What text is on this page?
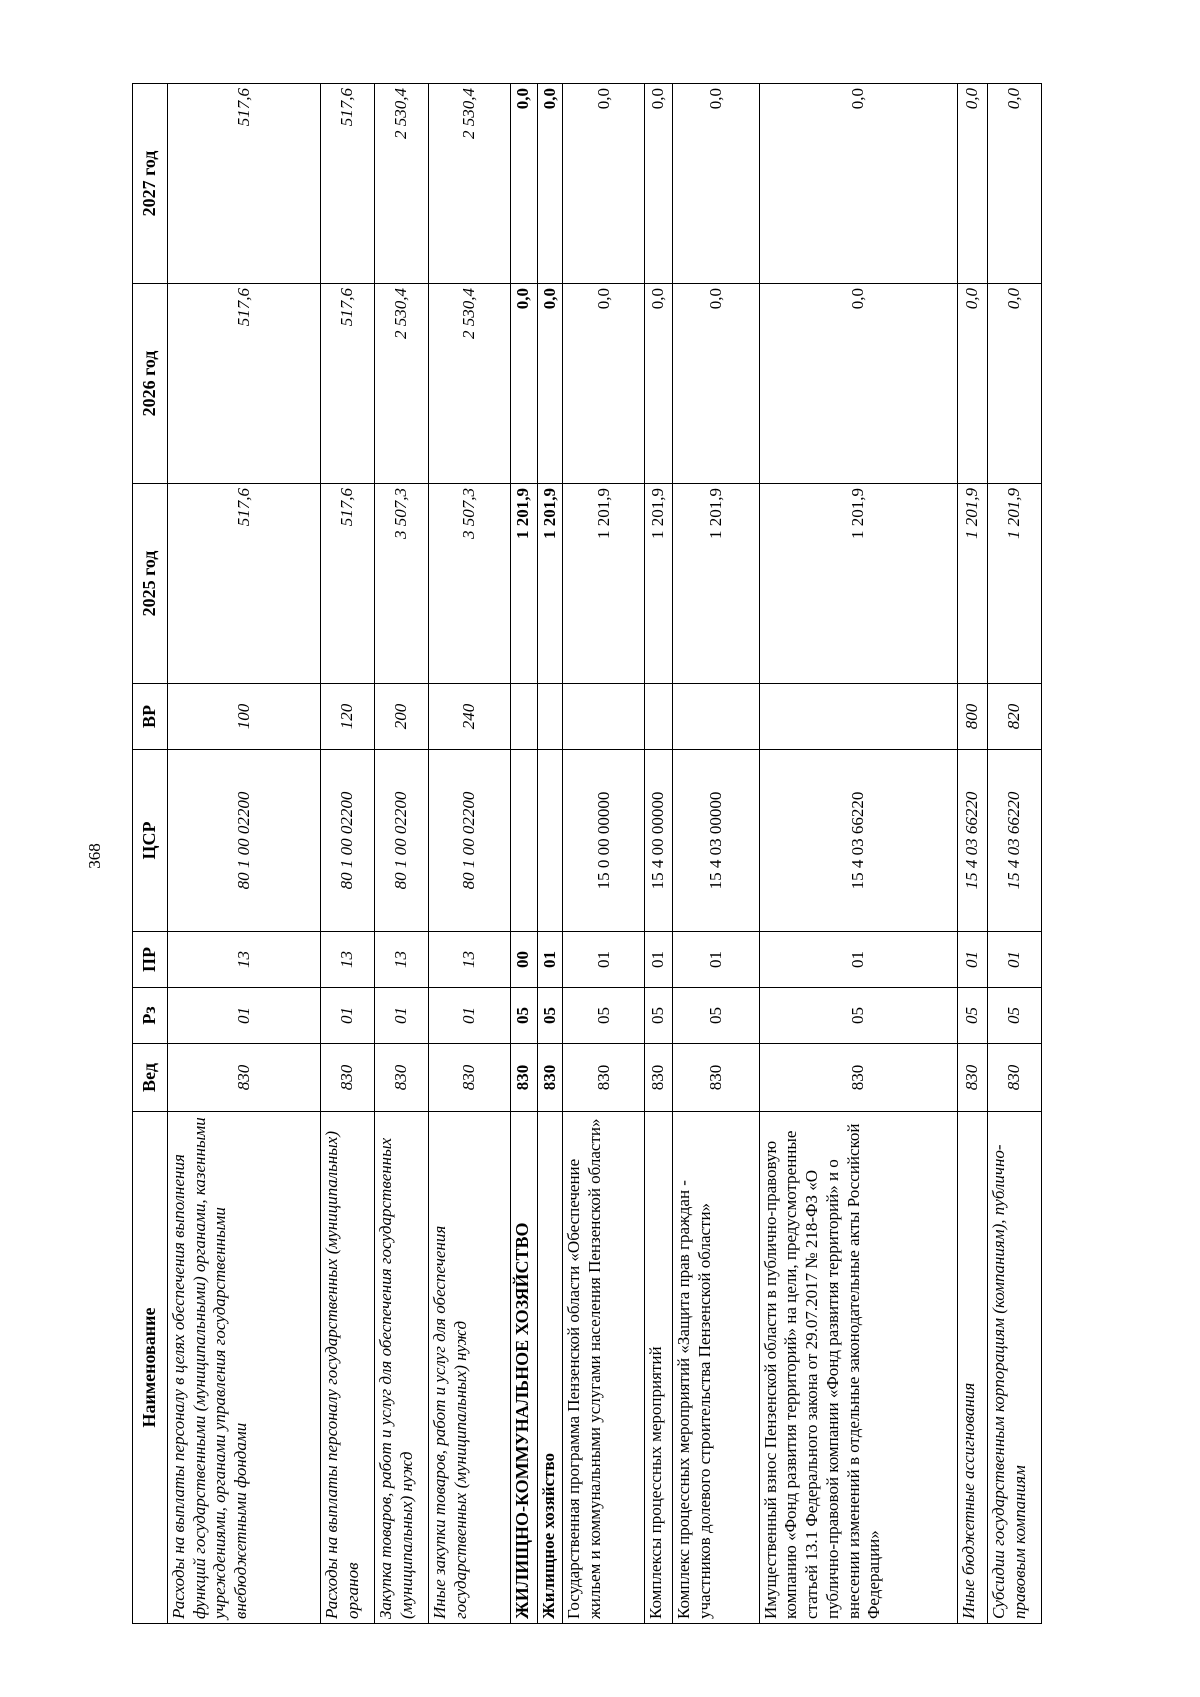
368
Наименование	Вед	Рз	ПР	ЦСР	ВР	2025 год	2026 год	2027 год
Расходы на выплаты персоналу в целях обеспечения выполнения функций государственными (муниципальными) органами, казенными учреждениями, органами управления государственными внебюджетными фондами	830	01	13	80 1 00 02200	100	517,6	517,6	517,6
Расходы на выплаты персоналу государственных (муниципальных) органов	830	01	13	80 1 00 02200	120	517,6	517,6	517,6
Закупка товаров, работ и услуг для обеспечения государственных (муниципальных) нужд	830	01	13	80 1 00 02200	200	3 507,3	2 530,4	2 530,4
Иные закупки товаров, работ и услуг для обеспечения государственных (муниципальных) нужд	830	01	13	80 1 00 02200	240	3 507,3	2 530,4	2 530,4
ЖИЛИЩНО-КОММУНАЛЬНОЕ ХОЗЯЙСТВО	830	05	00			1 201,9	0,0	0,0
Жилищное хозяйство	830	05	01			1 201,9	0,0	0,0
Государственная программа Пензенской области «Обеспечение жильем и коммунальными услугами населения Пензенской области»	830	05	01	15 0 00 00000		1 201,9	0,0	0,0
Комплексы процессных мероприятий	830	05	01	15 4 00 00000		1 201,9	0,0	0,0
Комплекс процессных мероприятий «Защита прав граждан - участников долевого строительства Пензенской области»	830	05	01	15 4 03 00000		1 201,9	0,0	0,0
Имущественный взнос Пензенской области в публично-правовую компанию «Фонд развития территорий» на цели, предусмотренные статьей 13.1 Федерального закона от 29.07.2017 № 218-ФЗ «О публично-правовой компании «Фонд развития территорий» и о внесении изменений в отдельные законодательные акты Российской Федерации»	830	05	01	15 4 03 66220		1 201,9	0,0	0,0
Иные бюджетные ассигнования	830	05	01	15 4 03 66220	800	1 201,9	0,0	0,0
Субсидии государственным корпорациям (компаниям), публично-правовым компаниям	830	05	01	15 4 03 66220	820	1 201,9	0,0	0,0
